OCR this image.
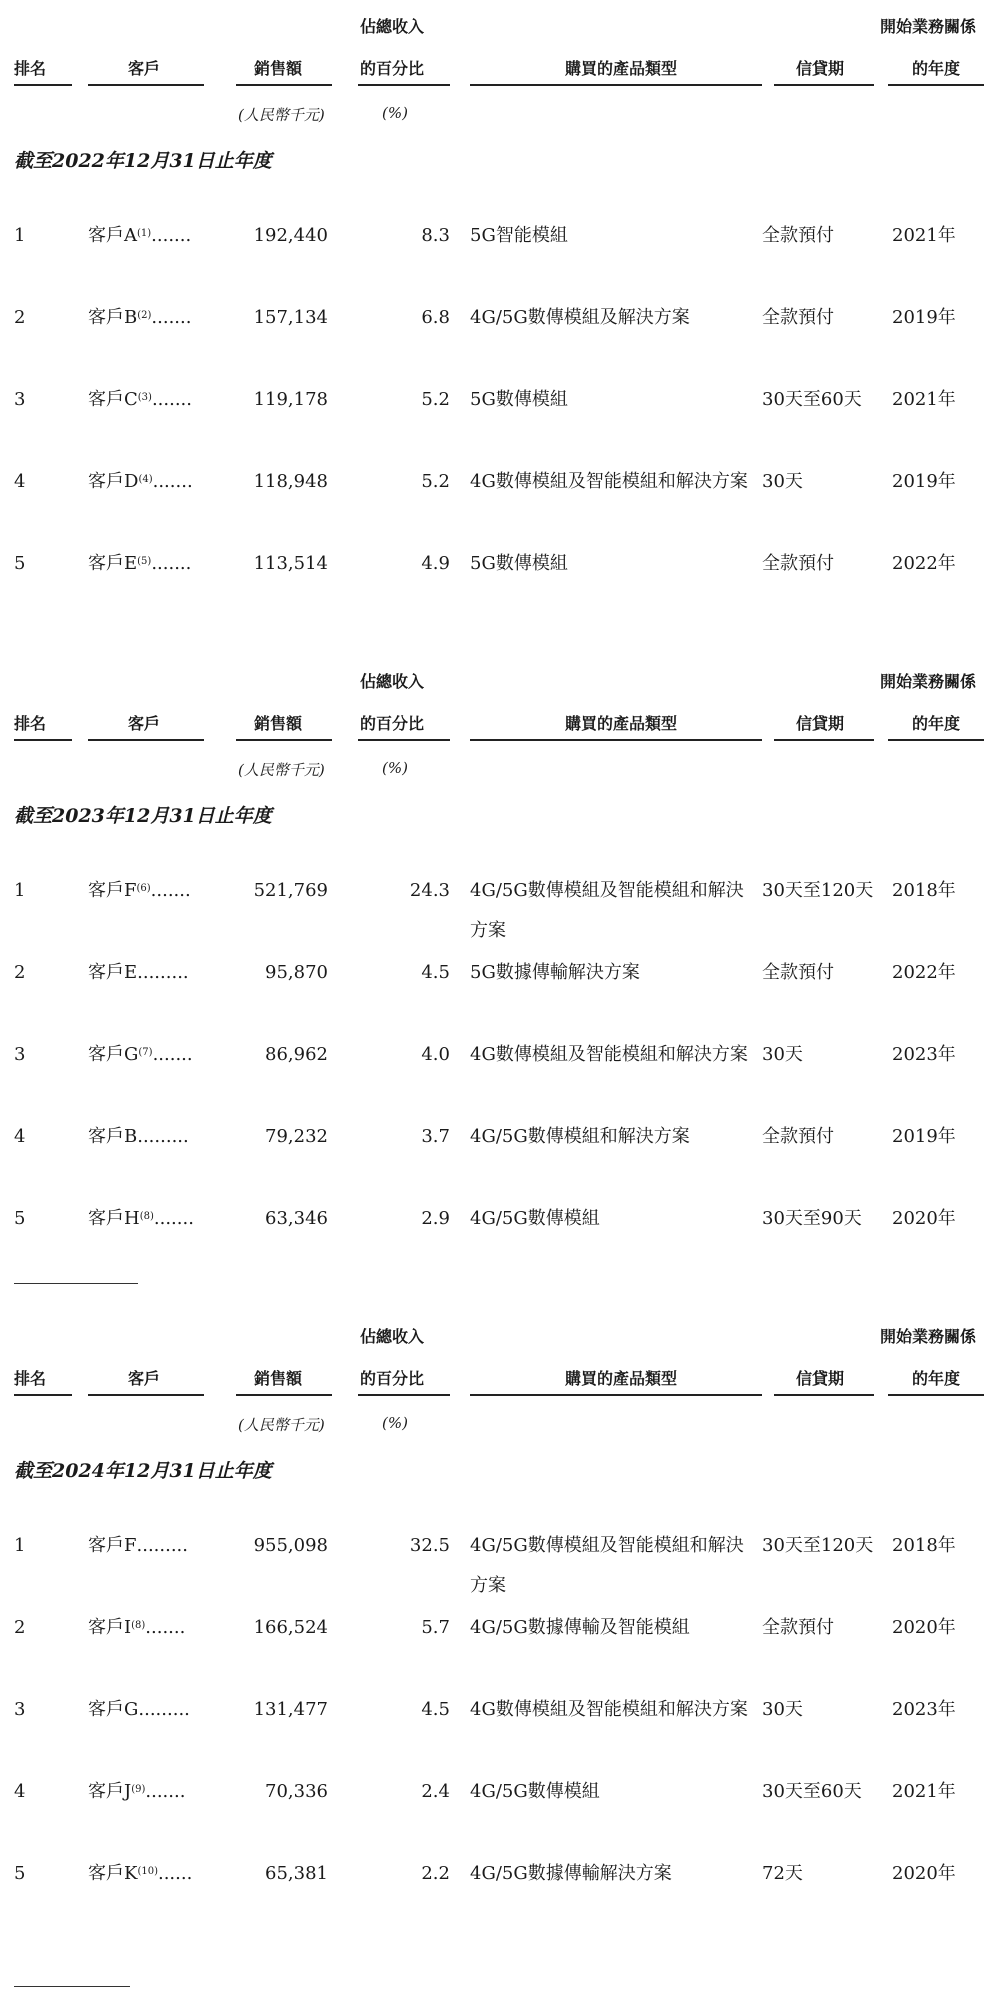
佔總收入	開始業務關係
排名	客戶	銷售額	的百分比	購買的產品類型	信貸期	的年度
(人民幣千元)	(%)
截至2022年12月31日止年度
1	客戶$A^{(1)}$.......	192,440	8.3 5G智能模組	全款預付	2021年
2	客戶$B^{(2)}$.......	157,134	6.8 4G/5G數傳模組及解決方案	全款預付	2019年
3	客戶$C^{(3)}$.......	119,178	5.2 5G數傳模組	30天至60天 2021年
4	客戶$D^{(4)}$.......	118,948	5.2 4G數傳模組及智能模組和解決方案 30天	2019年
5	客戶$E^{(5)}$.......	113,514	4.9 5G數傳模組	全款預付	2022年
佔總收入	開始業務關係
排名	客戶	銷售額	的百分比	購買的產品類型	信貸期	的年度
(人民幣千元)	(%)
截至2023年12月31日止年度
1	客戶$F^{(6)}$.......	521,769	24.3 4G/5G數傳模組及智能模組和解決方案
30天至120天 2018年
2	客戶E.........	95,870	4.5 5G數據傳輸解決方案	全款預付	2022年
3	客戶$G^{(7)}$.......	86,962	4.0 4G數傳模組及智能模組和解決方案 30天	2023年
4	客戶B.........	79,232	3.7 4G/5G數傳模組和解決方案	全款預付	2019年
5	客戶$H^{(8)}$.......	63,346	2.9 4G/5G數傳模組	30天至90天 2020年
佔總收入	開始業務關係
排名	客戶	銷售額	的百分比	購買的產品類型	信貸期	的年度
(人民幣千元)	(%)
截至2024年12月31日止年度
1	客戶F.........	955,098	32.5 4G/5G數傳模組及智能模組和解決方案
30天至120天 2018年
2	客戶$I^{(8)}$.......	166,524	5.7 4G/5G數據傳輸及智能模組	全款預付	2020年
3	客戶G.........	131,477	4.5 4G數傳模組及智能模組和解決方案 30天	2023年
4	客戶$J^{(9)}$.......	70,336	2.4 4G/5G數傳模組	30天至60天 2021年
5	客戶$K^{(10)}$......	65,381	2.2 4G/5G數據傳輸解決方案	72天	2020年
